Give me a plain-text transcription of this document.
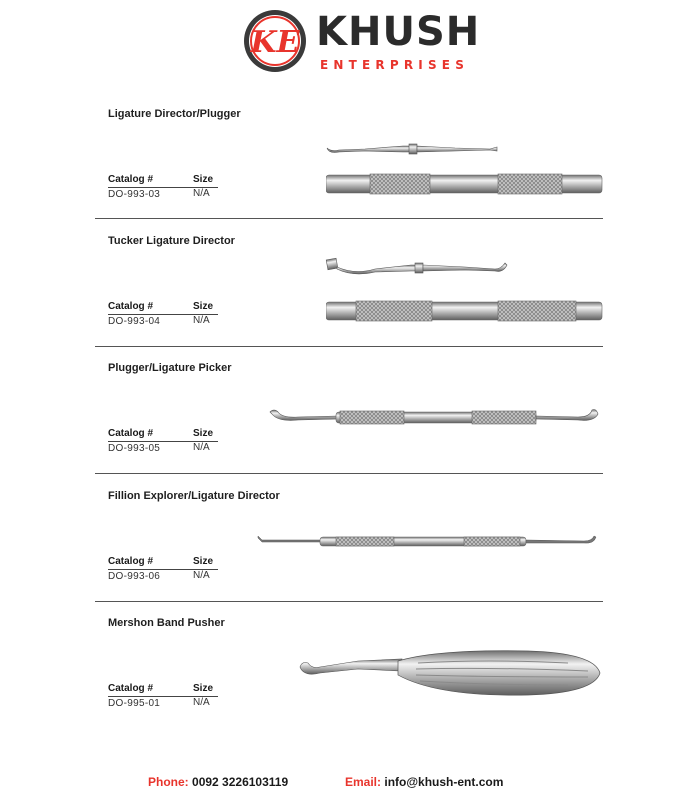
KE KHUSH
ENTERPRISES
Ligature Director/Plugger
Catalog #	Size
DO-993-03	N/A
Tucker Ligature Director
Catalog #	Size
DO-993-04	N/A
Plugger/Ligature Picker
Catalog #	Size
DO-993-05	N/A
Fillion Explorer/Ligature Director
Catalog #	Size
DO-993-06	N/A
Mershon Band Pusher
Catalog #	Size
DO-995-01	N/A
Phone: 0092 3226103119	Email: info@khush-ent.com
